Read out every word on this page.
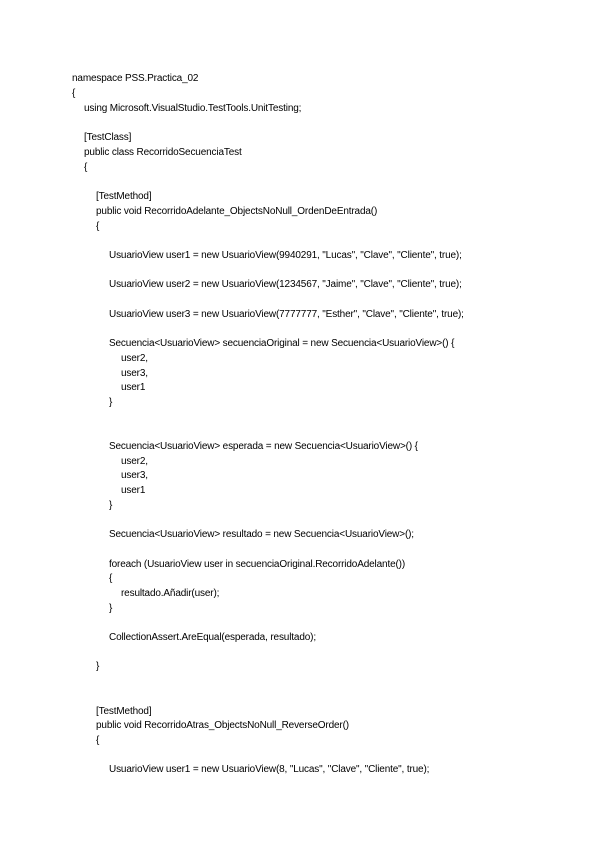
namespace PSS.Practica_02
{
using Microsoft.VisualStudio.TestTools.UnitTesting;
[TestClass]
public class RecorridoSecuenciaTest
{
[TestMethod]
public void RecorridoAdelante_ObjectsNoNull_OrdenDeEntrada()
{
UsuarioView user1 = new UsuarioView(9940291, "Lucas", "Clave", "Cliente", true);
UsuarioView user2 = new UsuarioView(1234567, "Jaime", "Clave", "Cliente", true);
UsuarioView user3 = new UsuarioView(7777777, "Esther", "Clave", "Cliente", true);
Secuencia<UsuarioView> secuenciaOriginal = new Secuencia<UsuarioView>() {
user2,
user3,
user1
}
Secuencia<UsuarioView> esperada = new Secuencia<UsuarioView>() {
user2,
user3,
user1
}
Secuencia<UsuarioView> resultado = new Secuencia<UsuarioView>();
foreach (UsuarioView user in secuenciaOriginal.RecorridoAdelante())
{
resultado.Añadir(user);
}
CollectionAssert.AreEqual(esperada, resultado);
}
[TestMethod]
public void RecorridoAtras_ObjectsNoNull_ReverseOrder()
{
UsuarioView user1 = new UsuarioView(8, "Lucas", "Clave", "Cliente", true);
